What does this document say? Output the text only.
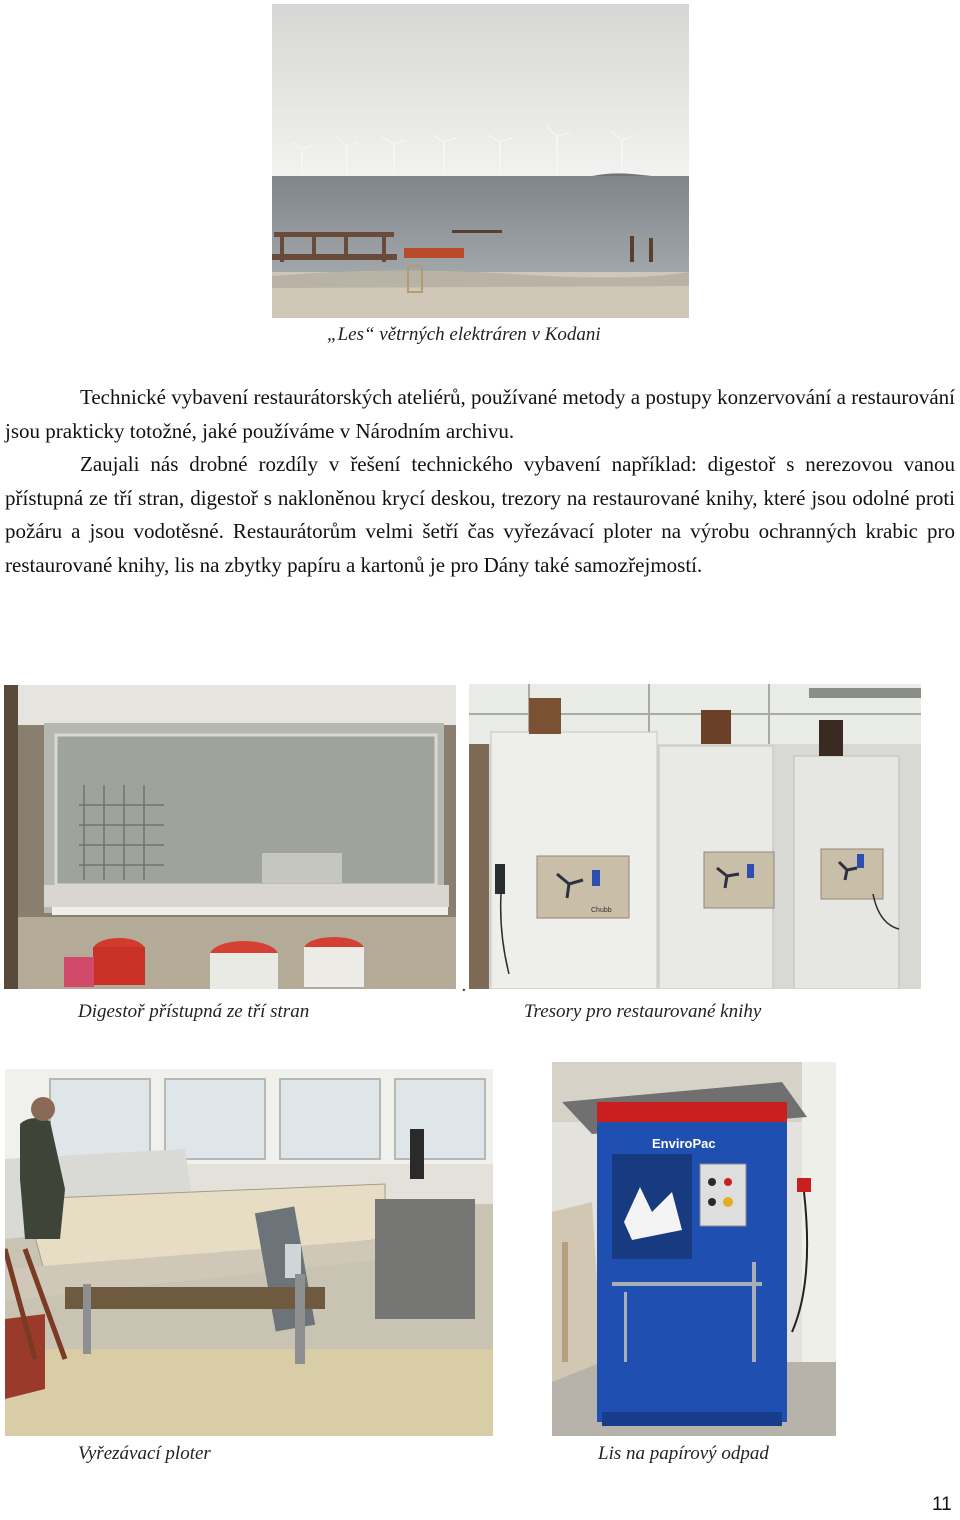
„Les“ větrných elektráren v Kodani

Technické vybavení restaurátorských ateliérů, používané metody a postupy konzervování a restaurování jsou prakticky totožné, jaké používáme v Národním archivu.

Zaujali nás drobné rozdíly v řešení technického vybavení například: digestoř s nerezovou vanou přístupná ze tří stran, digestoř s nakloněnou krycí deskou, trezory na restaurované knihy, které jsou odolné proti požáru a jsou vodotěsné. Restaurátorům velmi šetří čas vyřezávací ploter na výrobu ochranných krabic pro restaurované knihy, lis na zbytky papíru a kartonů je pro Dány také samozřejmostí.

Digestoř přístupná ze tří stran
Chubb
.
Tresory pro restaurované knihy
Vyřezávací ploter
EnviroPac
Lis na papírový odpad
11
